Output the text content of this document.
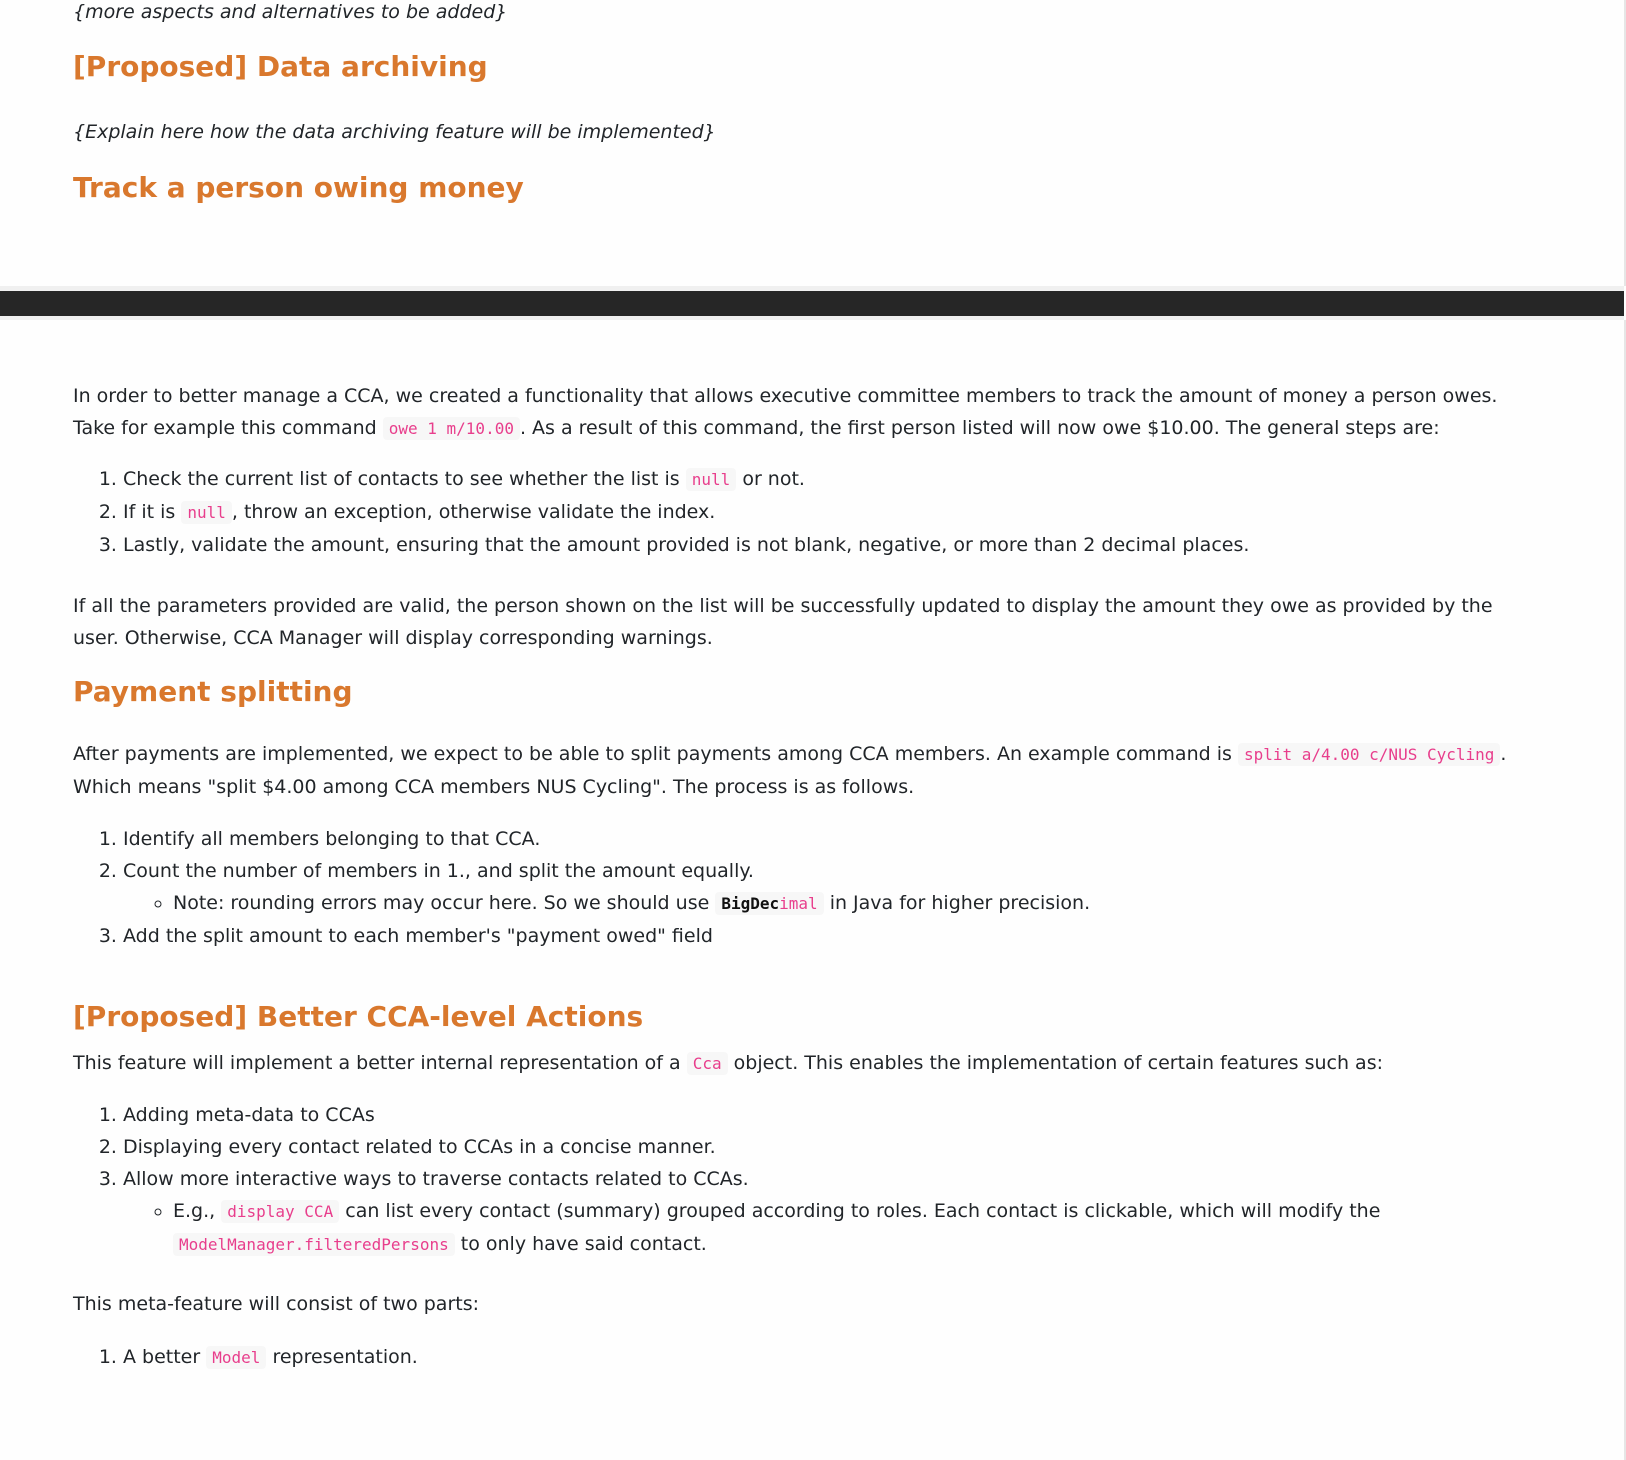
{more aspects and alternatives to be added}
[Proposed] Data archiving
{Explain here how the data archiving feature will be implemented}
Track a person owing money

In order to better manage a CCA, we created a functionality that allows executive committee members to track the amount of money a person owes.
Take for example this command owe 1 m/10.00 . As a result of this command, the first person listed will now owe $10.00. The general steps are:

1. Check the current list of contacts to see whether the list is null or not.
2. If it is null , throw an exception, otherwise validate the index.
3. Lastly, validate the amount, ensuring that the amount provided is not blank, negative, or more than 2 decimal places.

If all the parameters provided are valid, the person shown on the list will be successfully updated to display the amount they owe as provided by the
user. Otherwise, CCA Manager will display corresponding warnings.

Payment splitting

After payments are implemented, we expect to be able to split payments among CCA members. An example command is split a/4.00 c/NUS Cycling .
Which means "split $4.00 among CCA members NUS Cycling". The process is as follows.

1. Identify all members belonging to that CCA.
2. Count the number of members in 1., and split the amount equally.
◦ Note: rounding errors may occur here. So we should use BigDecimal in Java for higher precision.
3. Add the split amount to each member's "payment owed" field
[Proposed] Better CCA-level Actions

This feature will implement a better internal representation of a Cca object. This enables the implementation of certain features such as:

1. Adding meta-data to CCAs
2. Displaying every contact related to CCAs in a concise manner.
3. Allow more interactive ways to traverse contacts related to CCAs.
◦ E.g., display CCA can list every contact (summary) grouped according to roles. Each contact is clickable, which will modify the
ModelManager.filteredPersons to only have said contact.

This meta-feature will consist of two parts:

1. A better Model representation.
